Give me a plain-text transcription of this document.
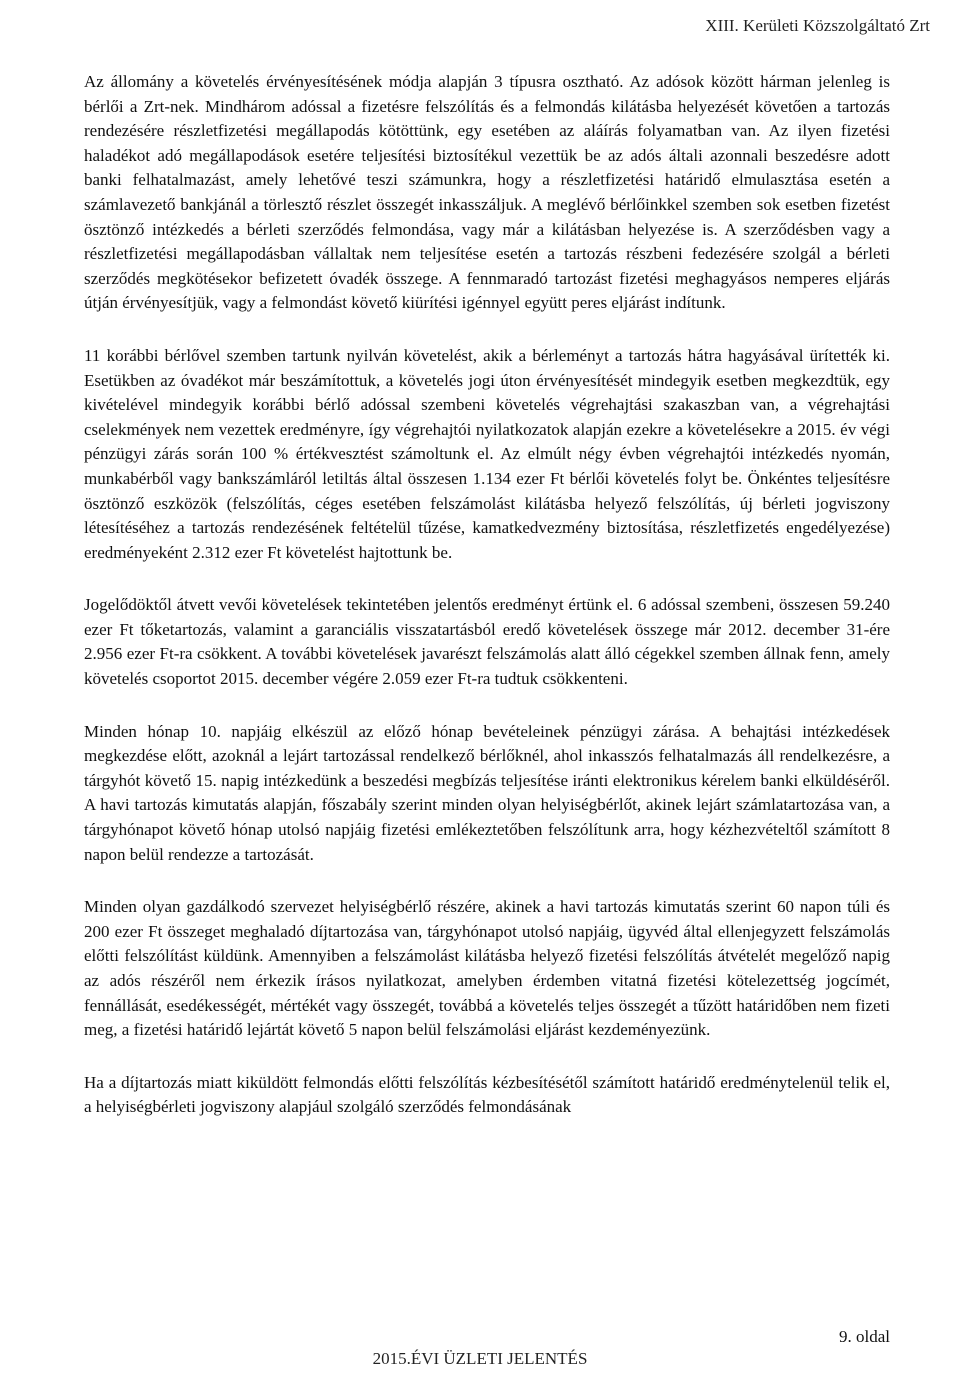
XIII. Kerületi Közszolgáltató Zrt

Az állomány a követelés érvényesítésének módja alapján 3 típusra osztható. Az adósok között hárman jelenleg is bérlői a Zrt-nek. Mindhárom adóssal a fizetésre felszólítás és a felmondás kilátásba helyezését követően a tartozás rendezésére részletfizetési megállapodás kötöttünk, egy esetében az aláírás folyamatban van. Az ilyen fizetési haladékot adó megállapodások esetére teljesítési biztosítékul vezettük be az adós általi azonnali beszedésre adott banki felhatalmazást, amely lehetővé teszi számunkra, hogy a részletfizetési határidő elmulasztása esetén a számlavezető bankjánál a törlesztő részlet összegét inkasszáljuk. A meglévő bérlőinkkel szemben sok esetben fizetést ösztönző intézkedés a bérleti szerződés felmondása, vagy már a kilátásban helyezése is. A szerződésben vagy a részletfizetési megállapodásban vállaltak nem teljesítése esetén a tartozás részbeni fedezésére szolgál a bérleti szerződés megkötésekor befizetett óvadék összege. A fennmaradó tartozást fizetési meghagyásos nemperes eljárás útján érvényesítjük, vagy a felmondást követő kiürítési igénnyel együtt peres eljárást indítunk.

11 korábbi bérlővel szemben tartunk nyilván követelést, akik a bérleményt a tartozás hátra hagyásával ürítették ki. Esetükben az óvadékot már beszámítottuk, a követelés jogi úton érvényesítését mindegyik esetben megkezdtük, egy kivételével mindegyik korábbi bérlő adóssal szembeni követelés végrehajtási szakaszban van, a végrehajtási cselekmények nem vezettek eredményre, így végrehajtói nyilatkozatok alapján ezekre a követelésekre a 2015. év végi pénzügyi zárás során 100 % értékvesztést számoltunk el. Az elmúlt négy évben végrehajtói intézkedés nyomán, munkabérből vagy bankszámláról letiltás által összesen 1.134 ezer Ft bérlői követelés folyt be. Önkéntes teljesítésre ösztönző eszközök (felszólítás, céges esetében felszámolást kilátásba helyező felszólítás, új bérleti jogviszony létesítéséhez a tartozás rendezésének feltételül tűzése, kamatkedvezmény biztosítása, részletfizetés engedélyezése) eredményeként 2.312 ezer Ft követelést hajtottunk be.

Jogelődöktől átvett vevői követelések tekintetében jelentős eredményt értünk el. 6 adóssal szembeni, összesen 59.240 ezer Ft tőketartozás, valamint a garanciális visszatartásból eredő követelések összege már 2012. december 31-ére 2.956 ezer Ft-ra csökkent. A további követelések javarészt felszámolás alatt álló cégekkel szemben állnak fenn, amely követelés csoportot 2015. december végére 2.059 ezer Ft-ra tudtuk csökkenteni.

Minden hónap 10. napjáig elkészül az előző hónap bevételeinek pénzügyi zárása. A behajtási intézkedések megkezdése előtt, azoknál a lejárt tartozással rendelkező bérlőknél, ahol inkasszós felhatalmazás áll rendelkezésre, a tárgyhót követő 15. napig intézkedünk a beszedési megbízás teljesítése iránti elektronikus kérelem banki elküldéséről. A havi tartozás kimutatás alapján, főszabály szerint minden olyan helyiségbérlőt, akinek lejárt számlatartozása van, a tárgyhónapot követő hónap utolsó napjáig fizetési emlékeztetőben felszólítunk arra, hogy kézhezvételtől számított 8 napon belül rendezze a tartozását.

Minden olyan gazdálkodó szervezet helyiségbérlő részére, akinek a havi tartozás kimutatás szerint 60 napon túli és 200 ezer Ft összeget meghaladó díjtartozása van, tárgyhónapot utolsó napjáig, ügyvéd által ellenjegyzett felszámolás előtti felszólítást küldünk. Amennyiben a felszámolást kilátásba helyező fizetési felszólítás átvételét megelőző napig az adós részéről nem érkezik írásos nyilatkozat, amelyben érdemben vitatná fizetési kötelezettség jogcímét, fennállását, esedékességét, mértékét vagy összegét, továbbá a követelés teljes összegét a tűzött határidőben nem fizeti meg, a fizetési határidő lejártát követő 5 napon belül felszámolási eljárást kezdeményezünk.

Ha a díjtartozás miatt kiküldött felmondás előtti felszólítás kézbesítésétől számított határidő eredménytelenül telik el, a helyiségbérleti jogviszony alapjául szolgáló szerződés felmondásának

9. oldal
2015.ÉVI ÜZLETI JELENTÉS
